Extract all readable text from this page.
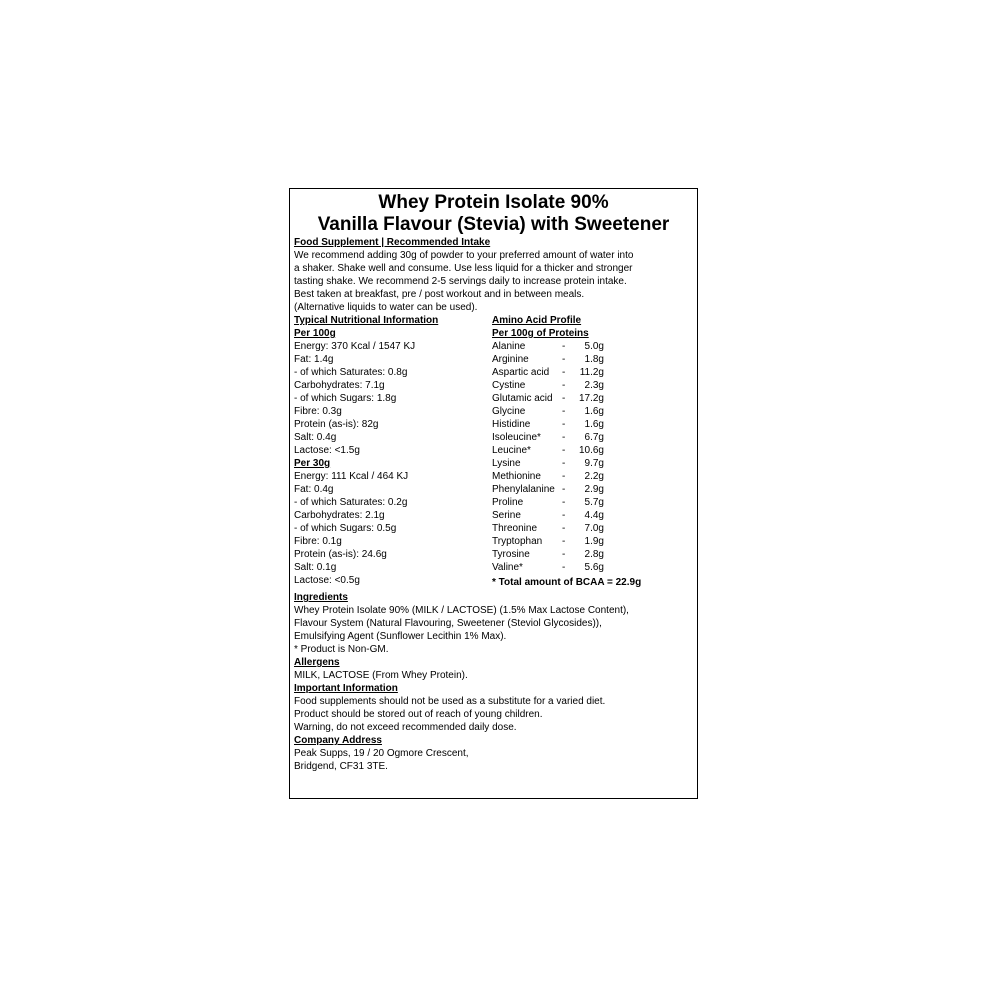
Whey Protein Isolate 90%
Vanilla Flavour (Stevia) with Sweetener
Food Supplement | Recommended Intake
We recommend adding 30g of powder to your preferred amount of water into
a shaker. Shake well and consume. Use less liquid for a thicker and stronger
tasting shake. We recommend 2-5 servings daily to increase protein intake.
Best taken at breakfast, pre / post workout and in between meals.
(Alternative liquids to water can be used).
Typical Nutritional Information
Per 100g
Energy: 370 Kcal / 1547 KJ
Fat: 1.4g
- of which Saturates: 0.8g
Carbohydrates: 7.1g
- of which Sugars: 1.8g
Fibre: 0.3g
Protein (as-is): 82g
Salt: 0.4g
Lactose: <1.5g
Per 30g
Energy: 111 Kcal / 464 KJ
Fat: 0.4g
- of which Saturates: 0.2g
Carbohydrates: 2.1g
- of which Sugars: 0.5g
Fibre: 0.1g
Protein (as-is): 24.6g
Salt: 0.1g
Lactose: <0.5g
Amino Acid Profile
Per 100g of Proteins
Alanine	-	5.0g
Arginine	-	1.8g
Aspartic acid	-	11.2g
Cystine	-	2.3g
Glutamic acid -	17.2g
Glycine	-	1.6g
Histidine	-	1.6g
Isoleucine*	-	6.7g
Leucine*	-	10.6g
Lysine	-	9.7g
Methionine	-	2.2g
Phenylalanine -	2.9g
Proline	-	5.7g
Serine	-	4.4g
Threonine	-	7.0g
Tryptophan	-	1.9g
Tyrosine	-	2.8g
Valine*	-	5.6g
* Total amount of BCAA = 22.9g
Ingredients
Whey Protein Isolate 90% (MILK / LACTOSE) (1.5% Max Lactose Content),
Flavour System (Natural Flavouring, Sweetener (Steviol Glycosides)),
Emulsifying Agent (Sunflower Lecithin 1% Max).
* Product is Non-GM.
Allergens
MILK, LACTOSE (From Whey Protein).
Important Information
Food supplements should not be used as a substitute for a varied diet.
Product should be stored out of reach of young children.
Warning, do not exceed recommended daily dose.
Company Address
Peak Supps, 19 / 20 Ogmore Crescent,
Bridgend, CF31 3TE.
